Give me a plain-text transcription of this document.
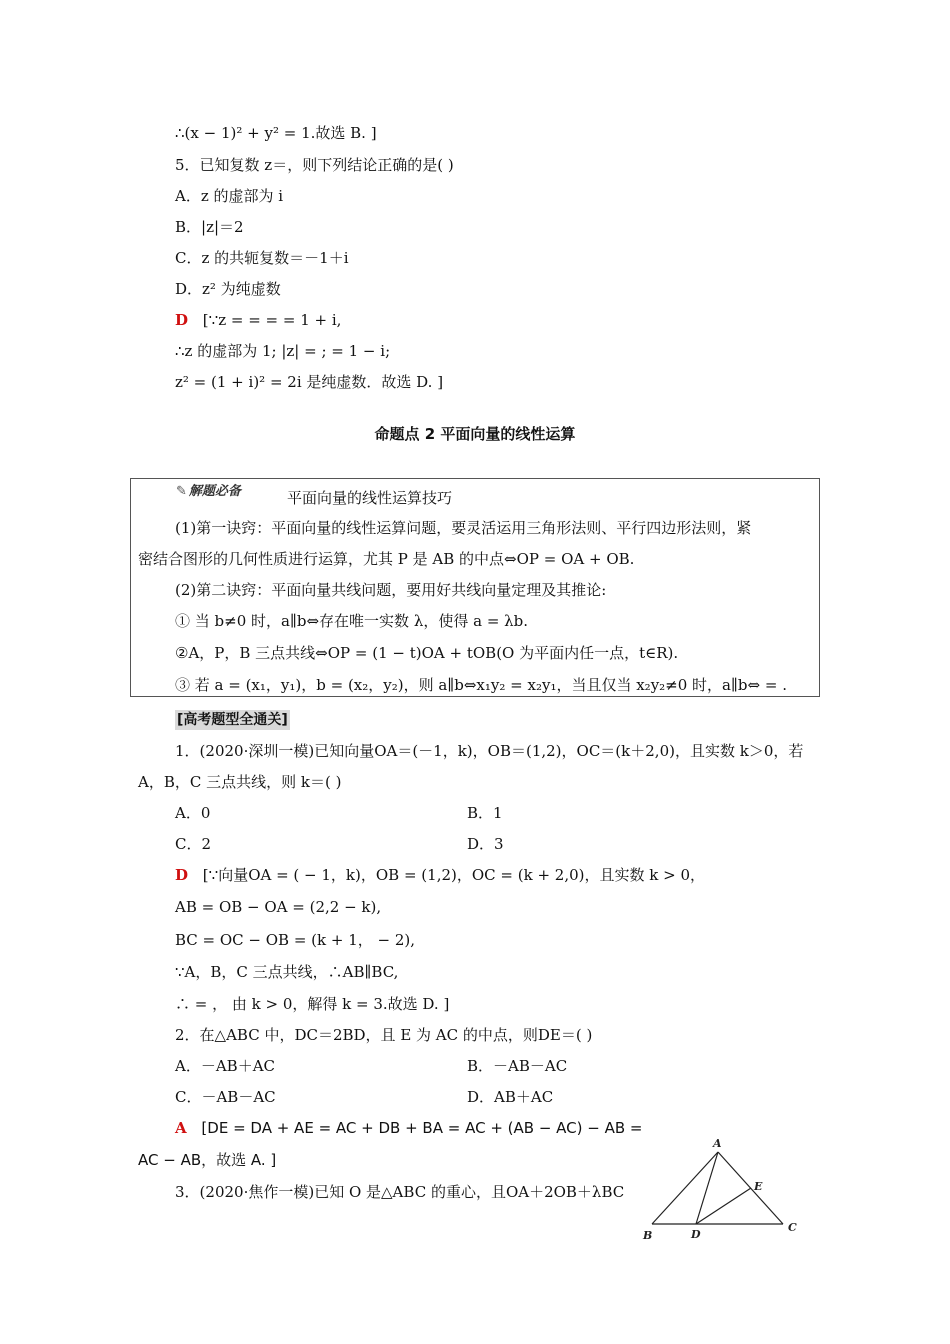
∴(x − 1)² + y² = 1.故选 B. ]
5．已知复数 z＝，则下列结论正确的是( )
A．z 的虚部为 i
B．|z|＝2
C．z 的共轭复数＝－1＋i
D．z² 为纯虚数
D [∵z = = = = 1 + i,
∴z 的虚部为 1; |z| = ; = 1 − i;
z² = (1 + i)² = 2i 是纯虚数．故选 D. ]
命题点 2 平面向量的线性运算
✎ 解题必备	平面向量的线性运算技巧
(1)第一诀窍：平面向量的线性运算问题，要灵活运用三角形法则、平行四边形法则，紧
密结合图形的几何性质进行运算，尤其 P 是 AB 的中点⇔OP = OA + OB.
(2)第二诀窍：平面向量共线问题，要用好共线向量定理及其推论:
① 当 b≠0 时，a∥b⇔存在唯一实数 λ，使得 a = λb.
②A，P，B 三点共线⇔OP = (1 − t)OA + tOB(O 为平面内任一点，t∈R).
③ 若 a = (x₁，y₁)，b = (x₂，y₂)，则 a∥b⇔x₁y₂ = x₂y₁，当且仅当 x₂y₂≠0 时，a∥b⇔ = .
[高考题型全通关]
1．(2020·深圳一模)已知向量OA＝(－1，k)，OB＝(1,2)，OC＝(k＋2,0)，且实数 k＞0，若
A，B，C 三点共线，则 k＝( )
A．0	B．1
C．2	D．3
D [∵向量OA = ( − 1，k)，OB = (1,2)，OC = (k + 2,0)，且实数 k > 0，
AB = OB − OA = (2,2 − k),
BC = OC − OB = (k + 1， − 2),
∵A，B，C 三点共线，∴AB∥BC,
∴ = ， 由 k > 0，解得 k = 3.故选 D. ]
2．在△ABC 中，DC＝2BD，且 E 为 AC 的中点，则DE＝( )
A．－AB＋AC	B．－AB－AC
C．－AB－AC	D．AB＋AC
A [DE = DA + AE = AC + DB + BA = AC + (AB − AC) − AB =
AC − AB，故选 A. ]
3．(2020·焦作一模)已知 O 是△ABC 的重心，且OA＋2OB＋λBC
A
B
C
D
E
